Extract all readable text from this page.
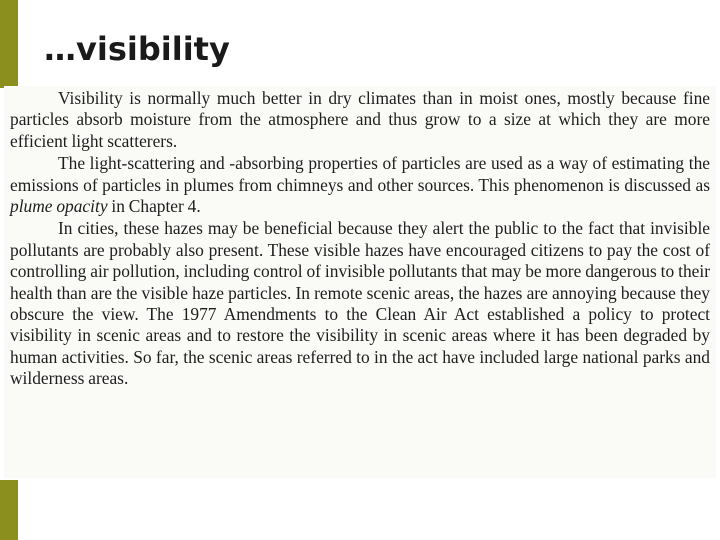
…visibility

Visibility is normally much better in dry climates than in moist ones, mostly because fine particles absorb moisture from the atmosphere and thus grow to a size at which they are more efficient light scatterers.

The light-scattering and -absorbing properties of particles are used as a way of estimating the emissions of particles in plumes from chimneys and other sources. This phenomenon is discussed as plume opacity in Chapter 4.

In cities, these hazes may be beneficial because they alert the public to the fact that invisible pollutants are probably also present. These visible hazes have encouraged citizens to pay the cost of controlling air pollution, including control of invisible pollutants that may be more dangerous to their health than are the visible haze particles. In remote scenic areas, the hazes are annoying because they obscure the view. The 1977 Amendments to the Clean Air Act established a policy to protect visibility in scenic areas and to restore the visibility in scenic areas where it has been degraded by human activities. So far, the scenic areas referred to in the act have included large national parks and wilderness areas.
